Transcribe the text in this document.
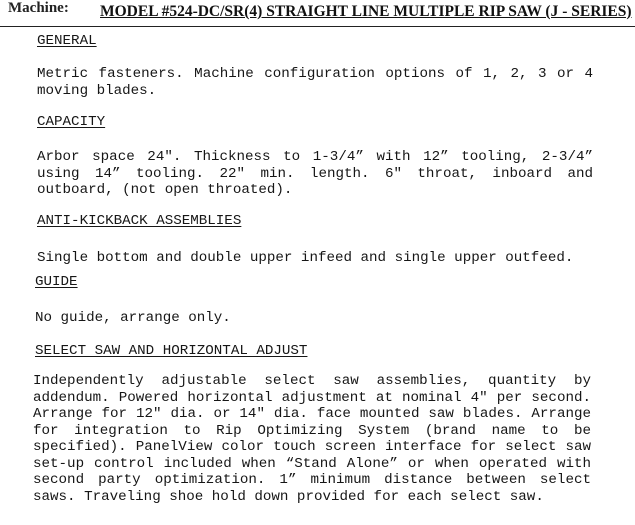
Machine: MODEL #524-DC/SR(4) STRAIGHT LINE MULTIPLE RIP SAW (J - SERIES)
GENERAL
Metric fasteners. Machine configuration options of 1, 2, 3 or 4 moving blades.
CAPACITY
Arbor space 24". Thickness to 1-3/4” with 12” tooling, 2-3/4” using 14” tooling. 22" min. length. 6" throat, inboard and outboard, (not open throated).
ANTI-KICKBACK ASSEMBLIES
Single bottom and double upper infeed and single upper outfeed.
GUIDE
No guide, arrange only.
SELECT SAW AND HORIZONTAL ADJUST
Independently adjustable select saw assemblies, quantity by addendum. Powered horizontal adjustment at nominal 4" per second. Arrange for 12" dia. or 14" dia. face mounted saw blades. Arrange for integration to Rip Optimizing System (brand name to be specified). PanelView color touch screen interface for select saw set-up control included when “Stand Alone” or when operated with second party optimization. 1” minimum distance between select saws. Traveling shoe hold down provided for each select saw.
